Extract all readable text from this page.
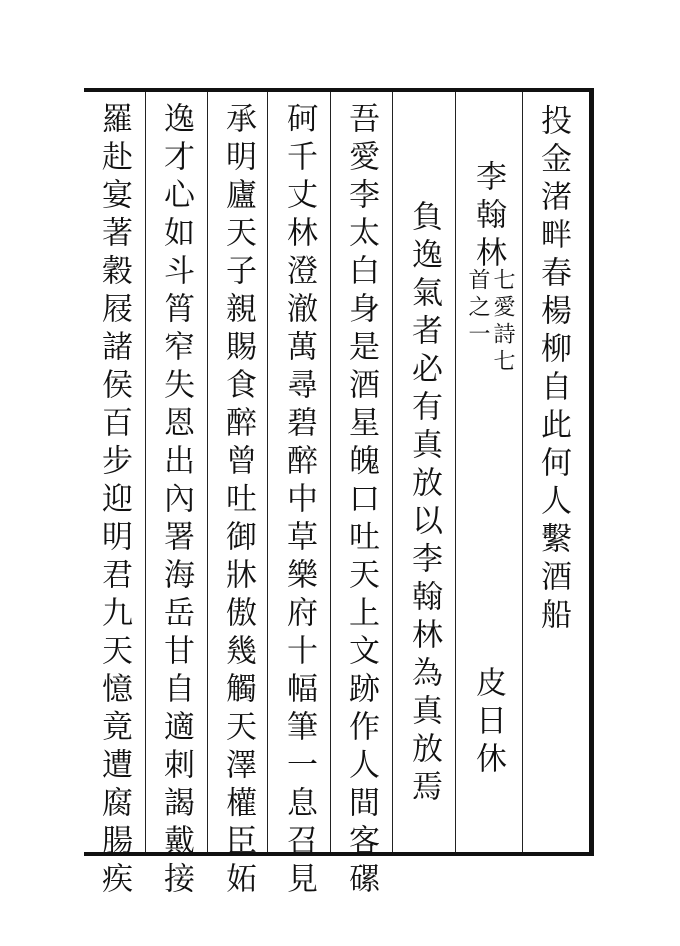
投金渚畔春楊柳自此何人繫酒船
李翰林
七愛詩七
首之一
皮日休
負逸氣者必有真放以李翰林為真放焉
吾愛李太白身是酒星魄口吐天上文跡作人間客磥
砢千丈林澄澈萬尋碧醉中草樂府十幅筆一息召見
承明廬天子親賜食醉曾吐御牀傲幾觸天澤權臣妬
逸才心如斗筲窄失恩出內署海岳甘自適刺謁戴接
羅赴宴著穀屐諸侯百步迎明君九天憶竟遭腐腸疾
